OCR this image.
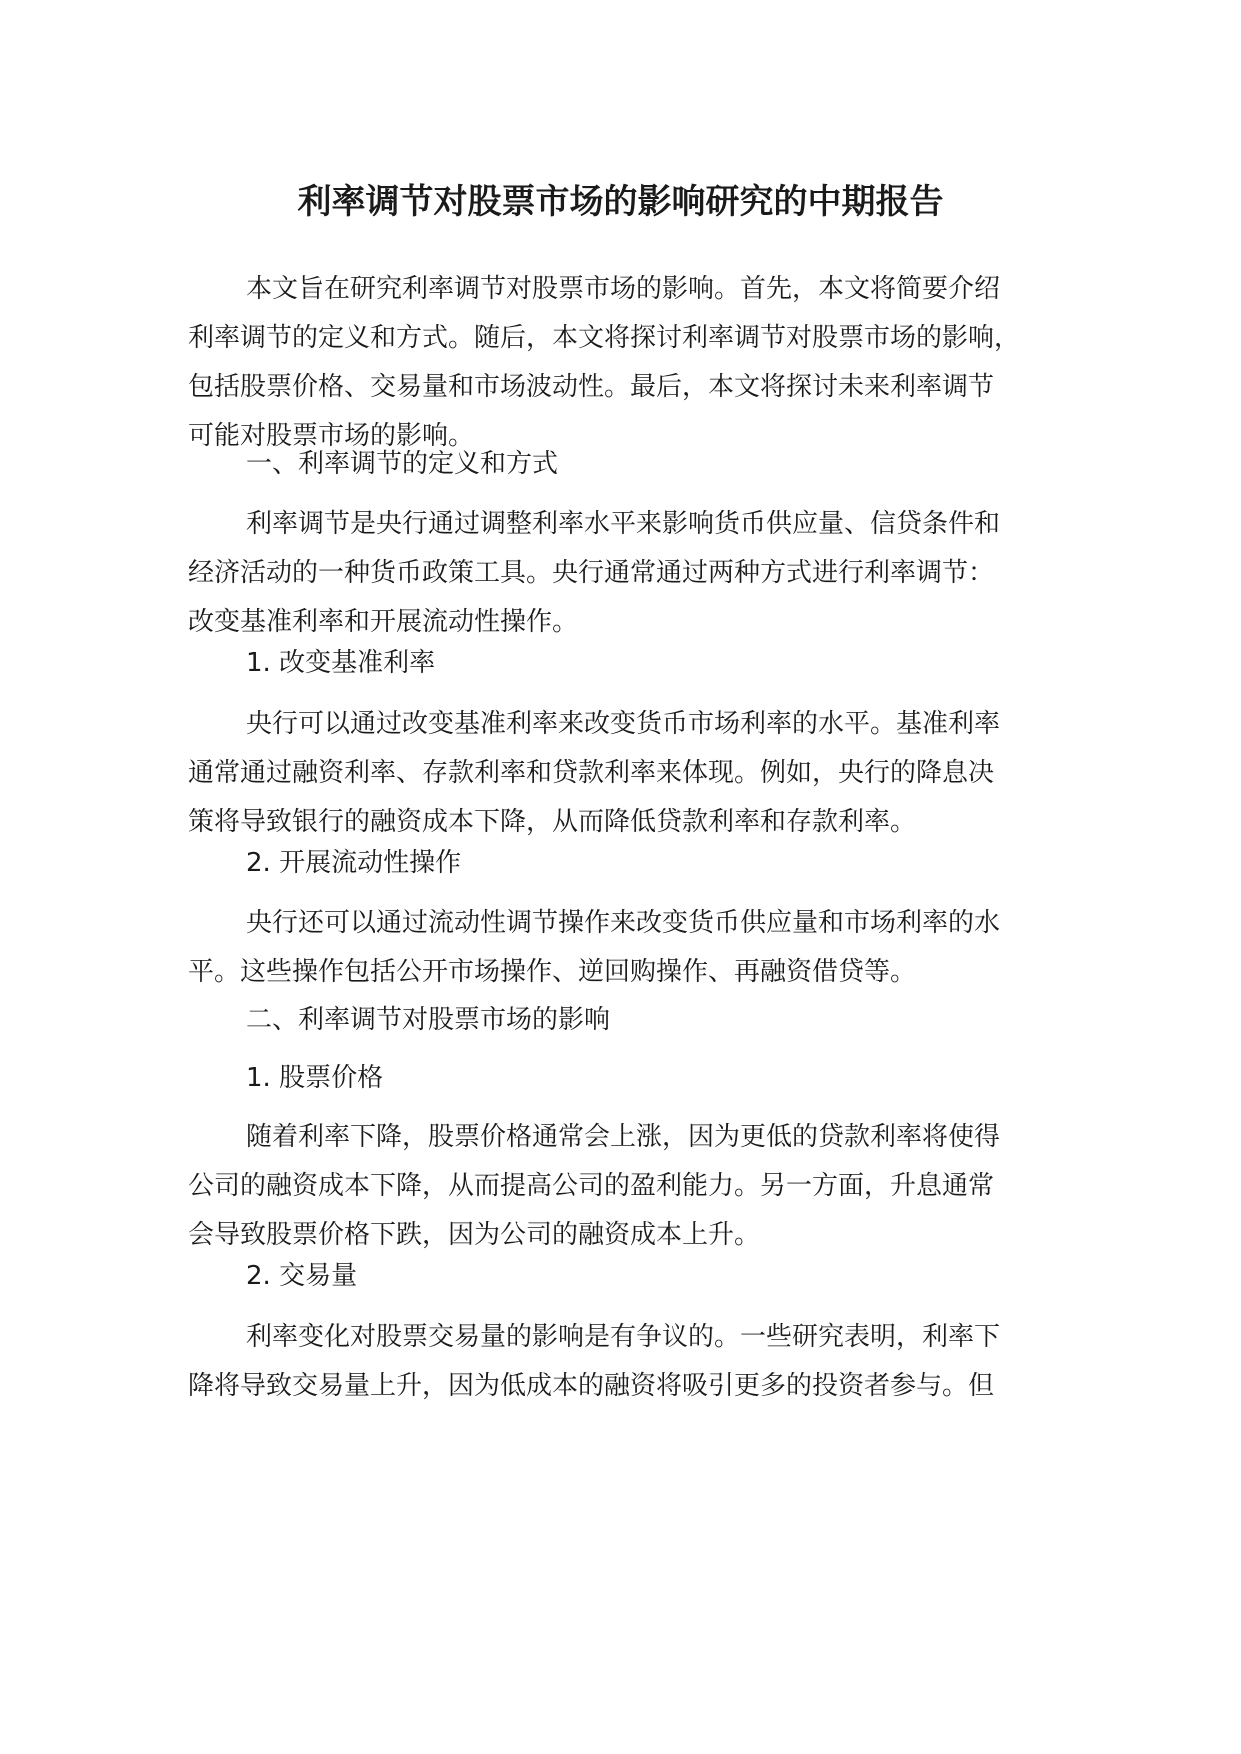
利率调节对股票市场的影响研究的中期报告

本文旨在研究利率调节对股票市场的影响。首先，本文将简要介绍
利率调节的定义和方式。随后，本文将探讨利率调节对股票市场的影响，
包括股票价格、交易量和市场波动性。最后，本文将探讨未来利率调节
可能对股票市场的影响。

一、利率调节的定义和方式

利率调节是央行通过调整利率水平来影响货币供应量、信贷条件和
经济活动的一种货币政策工具。央行通常通过两种方式进行利率调节：
改变基准利率和开展流动性操作。

1. 改变基准利率

央行可以通过改变基准利率来改变货币市场利率的水平。基准利率
通常通过融资利率、存款利率和贷款利率来体现。例如，央行的降息决
策将导致银行的融资成本下降，从而降低贷款利率和存款利率。

2. 开展流动性操作

央行还可以通过流动性调节操作来改变货币供应量和市场利率的水
平。这些操作包括公开市场操作、逆回购操作、再融资借贷等。

二、利率调节对股票市场的影响
1. 股票价格

随着利率下降，股票价格通常会上涨，因为更低的贷款利率将使得
公司的融资成本下降，从而提高公司的盈利能力。另一方面，升息通常
会导致股票价格下跌，因为公司的融资成本上升。

2. 交易量

利率变化对股票交易量的影响是有争议的。一些研究表明，利率下
降将导致交易量上升，因为低成本的融资将吸引更多的投资者参与。但
